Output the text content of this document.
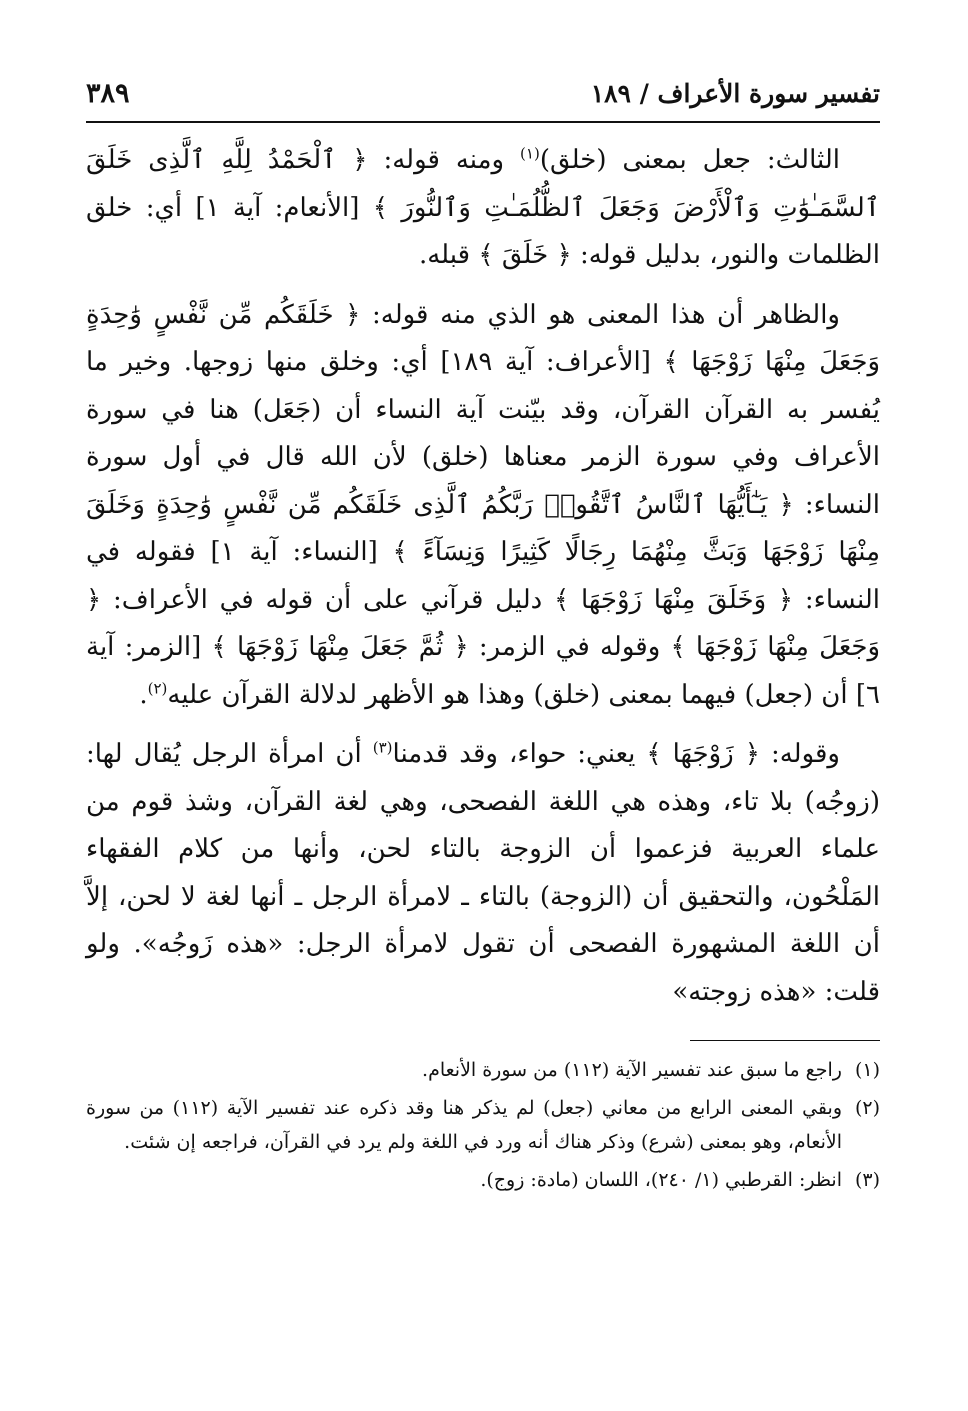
تفسير سورة الأعراف / ١٨٩
٣٨٩

الثالث: جعل بمعنى (خلق)$^{(١)}$ ومنه قوله: ﴿ ٱلْحَمْدُ لِلَّهِ ٱلَّذِى خَلَقَ ٱلسَّمَـٰوَٰتِ وَٱلْأَرْضَ وَجَعَلَ ٱلظُّلُمَـٰتِ وَٱلنُّورَ ﴾ [الأنعام: آية ١] أي: خلق الظلمات والنور، بدليل قوله: ﴿ خَلَقَ ﴾ قبله.

والظاهر أن هذا المعنى هو الذي منه قوله: ﴿ خَلَقَكُم مِّن نَّفْسٍ وَٰحِدَةٍ وَجَعَلَ مِنْهَا زَوْجَهَا ﴾ [الأعراف: آية ١٨٩] أي: وخلق منها زوجها. وخير ما يُفسر به القرآن القرآن، وقد بيّنت آية النساء أن (جَعَل) هنا في سورة الأعراف وفي سورة الزمر معناها (خلق) لأن الله قال في أول سورة النساء: ﴿ يَـٰٓأَيُّهَا ٱلنَّاسُ ٱتَّقُوا۟ رَبَّكُمُ ٱلَّذِى خَلَقَكُم مِّن نَّفْسٍ وَٰحِدَةٍ وَخَلَقَ مِنْهَا زَوْجَهَا وَبَثَّ مِنْهُمَا رِجَالًا كَثِيرًا وَنِسَآءً ﴾ [النساء: آية ١] فقوله في النساء: ﴿ وَخَلَقَ مِنْهَا زَوْجَهَا ﴾ دليل قرآني على أن قوله في الأعراف: ﴿ وَجَعَلَ مِنْهَا زَوْجَهَا ﴾ وقوله في الزمر: ﴿ ثُمَّ جَعَلَ مِنْهَا زَوْجَهَا ﴾ [الزمر: آية ٦] أن (جعل) فيهما بمعنى (خلق) وهذا هو الأظهر لدلالة القرآن عليه$^{(٢)}$.

وقوله: ﴿ زَوْجَهَا ﴾ يعني: حواء، وقد قدمنا$^{(٣)}$ أن امرأة الرجل يُقال لها: (زوجُه) بلا تاء، وهذه هي اللغة الفصحى، وهي لغة القرآن، وشذ قوم من علماء العربية فزعموا أن الزوجة بالتاء لحن، وأنها من كلام الفقهاء المَلْحُون، والتحقيق أن (الزوجة) بالتاء ـ لامرأة الرجل ـ أنها لغة لا لحن، إلاَّ أن اللغة المشهورة الفصحى أن تقول لامرأة الرجل: «هذه زَوجُه». ولو قلت: «هذه زوجته»

(١)
راجع ما سبق عند تفسير الآية (١١٢) من سورة الأنعام.
(٢)
وبقي المعنى الرابع من معاني (جعل) لم يذكر هنا وقد ذكره عند تفسير الآية (١١٢) من سورة الأنعام، وهو بمعنى (شرع) وذكر هناك أنه ورد في اللغة ولم يرد في القرآن، فراجعه إن شئت.
(٣)
انظر: القرطبي (١/ ٢٤٠)، اللسان (مادة: زوج).
